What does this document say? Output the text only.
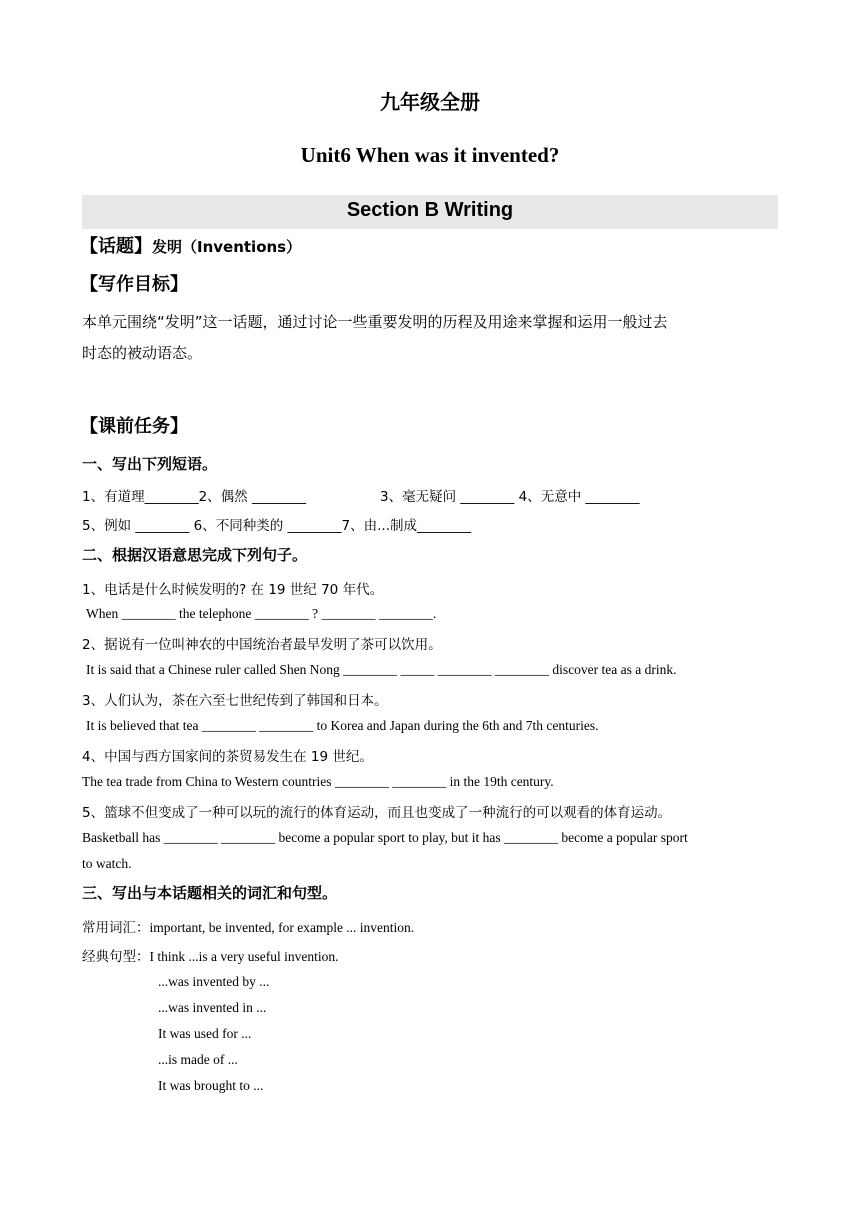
九年级全册
Unit6 When was it invented?
Section B Writing
【话题】发明（Inventions）
【写作目标】
本单元围绕“发明”这一话题，通过讨论一些重要发明的历程及用途来掌握和运用一般过去
时态的被动语态。
【课前任务】
一、写出下列短语。
1、有道理________2、偶然 ________	3、毫无疑问 ________ 4、无意中 ________
5、例如 ________ 6、不同种类的 ________7、由...制成________
二、根据汉语意思完成下列句子。
1、电话是什么时候发明的? 在 19 世纪 70 年代。
When ________ the telephone ________ ? ________ ________.
2、据说有一位叫神农的中国统治者最早发明了茶可以饮用。
It is said that a Chinese ruler called Shen Nong ________ _____ ________ ________ discover tea as a drink.
3、人们认为，茶在六至七世纪传到了韩国和日本。
It is believed that tea ________ ________ to Korea and Japan during the 6th and 7th centuries.
4、中国与西方国家间的茶贸易发生在 19 世纪。
The tea trade from China to Western countries ________ ________ in the 19th century.
5、篮球不但变成了一种可以玩的流行的体育运动，而且也变成了一种流行的可以观看的体育运动。
Basketball has ________ ________ become a popular sport to play, but it has ________ become a popular sport
to watch.
三、写出与本话题相关的词汇和句型。
常用词汇：important, be invented, for example ... invention.
经典句型：I think ...is a very useful invention.
...was invented by ...
...was invented in ...
It was used for ...
...is made of ...
It was brought to ...
